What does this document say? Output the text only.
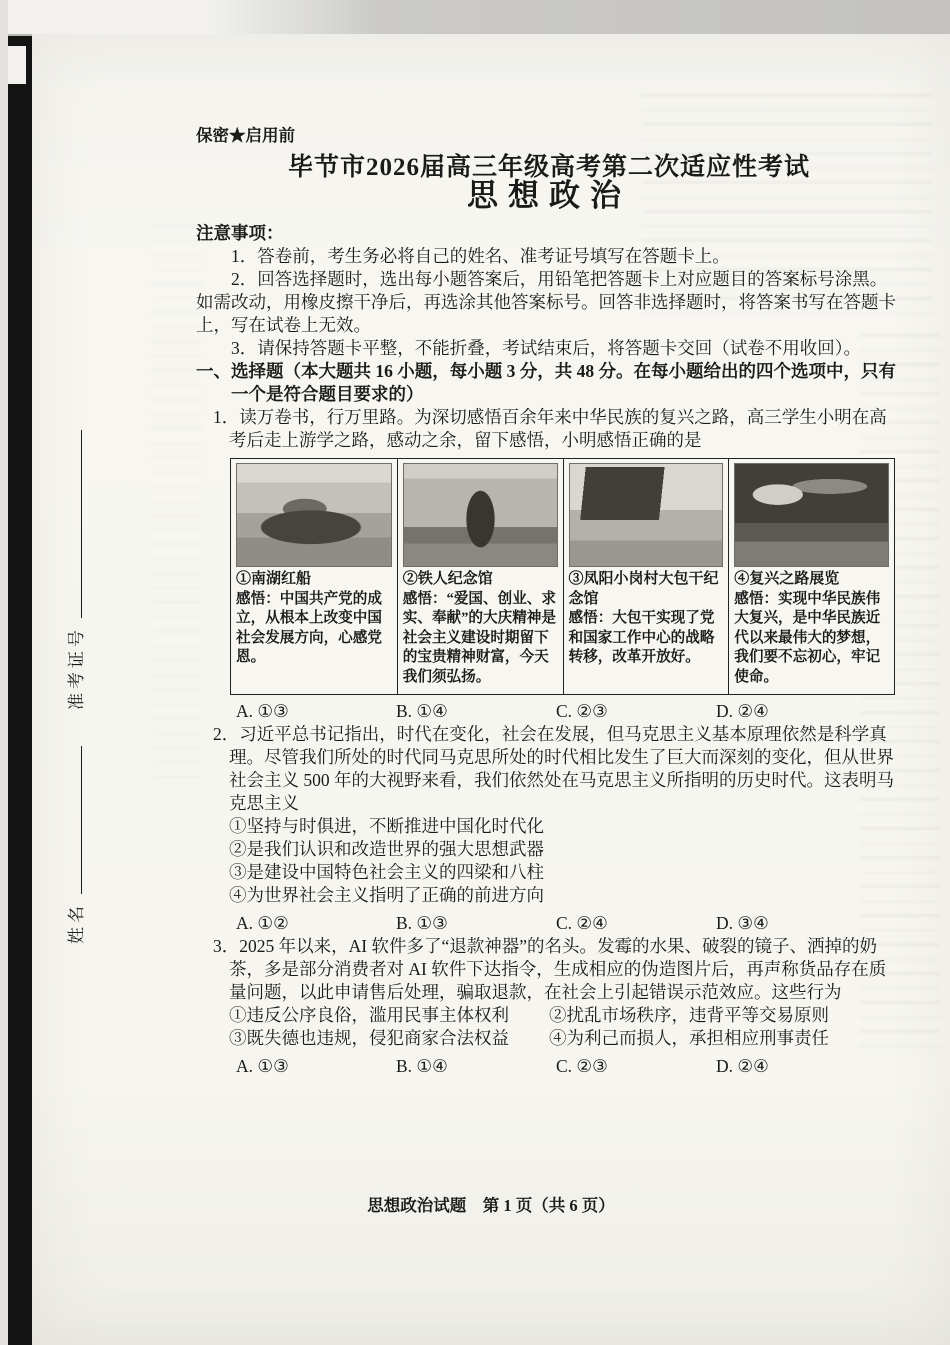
准考证号
姓名
保密★启用前
毕节市2026届高三年级高考第二次适应性考试
思想政治
注意事项：

1．答卷前，考生务必将自己的姓名、准考证号填写在答题卡上。

2．回答选择题时，选出每小题答案后，用铅笔把答题卡上对应题目的答案标号涂黑。如需改动，用橡皮擦干净后，再选涂其他答案标号。回答非选择题时，将答案书写在答题卡上，写在试卷上无效。

3．请保持答题卡平整，不能折叠，考试结束后，将答题卡交回（试卷不用收回）。

一、选择题（本大题共 16 小题，每小题 3 分，共 48 分。在每小题给出的四个选项中，只有一个是符合题目要求的）

1．读万卷书，行万里路。为深切感悟百余年来中华民族的复兴之路，高三学生小明在高考后走上游学之路，感动之余，留下感悟，小明感悟正确的是

①南湖红船
感悟：中国共产党的成立，从根本上改变中国社会发展方向，心感党恩。
②铁人纪念馆
感悟：“爱国、创业、求实、奉献”的大庆精神是社会主义建设时期留下的宝贵精神财富，今天我们须弘扬。
③凤阳小岗村大包干纪念馆
感悟：大包干实现了党和国家工作中心的战略转移，改革开放好。
④复兴之路展览
感悟：实现中华民族伟大复兴，是中华民族近代以来最伟大的梦想，我们要不忘初心，牢记使命。
A. ①③	B. ①④	C. ②③	D. ②④

2．习近平总书记指出，时代在变化，社会在发展，但马克思主义基本原理依然是科学真理。尽管我们所处的时代同马克思所处的时代相比发生了巨大而深刻的变化，但从世界社会主义 500 年的大视野来看，我们依然处在马克思主义所指明的历史时代。这表明马克思主义

①坚持与时俱进，不断推进中国化时代化

②是我们认识和改造世界的强大思想武器

③是建设中国特色社会主义的四梁和八柱

④为世界社会主义指明了正确的前进方向

A. ①②	B. ①③	C. ②④	D. ③④

3．2025 年以来，AI 软件多了“退款神器”的名头。发霉的水果、破裂的镜子、洒掉的奶茶，多是部分消费者对 AI 软件下达指令，生成相应的伪造图片后，再声称货品存在质量问题，以此申请售后处理，骗取退款，在社会上引起错误示范效应。这些行为

①违反公序良俗，滥用民事主体权利	②扰乱市场秩序，违背平等交易原则
③既失德也违规，侵犯商家合法权益	④为利己而损人，承担相应刑事责任
A. ①③	B. ①④	C. ②③	D. ②④
思想政治试题　第 1 页（共 6 页）
